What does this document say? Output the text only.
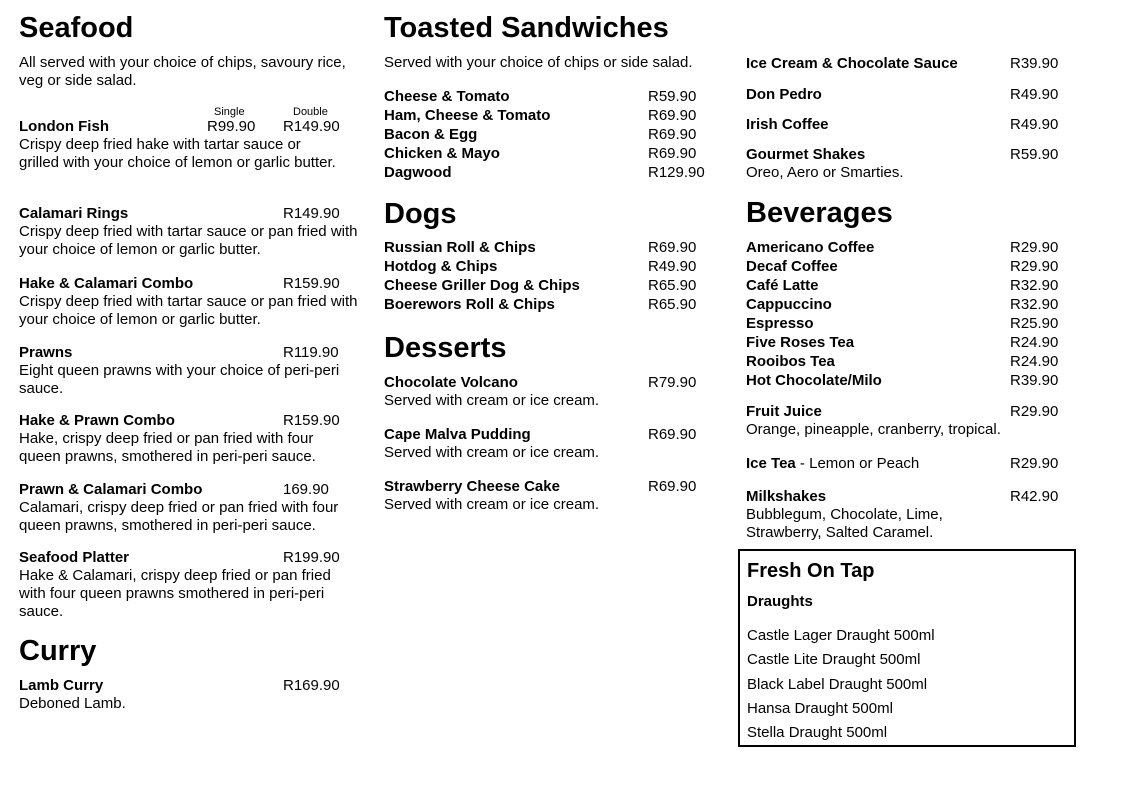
Seafood

All served with your choice of chips, savoury rice, veg or side salad.

Single	Double
London Fish	R99.90 R149.90

Crispy deep fried hake with tartar sauce or grilled with your choice of lemon or garlic butter.

Calamari Rings	R149.90

Crispy deep fried with tartar sauce or pan fried with your choice of lemon or garlic butter.

Hake & Calamari Combo	R159.90

Crispy deep fried with tartar sauce or pan fried with your choice of lemon or garlic butter.

Prawns	R119.90

Eight queen prawns with your choice of peri-peri sauce.

Hake & Prawn Combo	R159.90

Hake, crispy deep fried or pan fried with four queen prawns, smothered in peri-peri sauce.

Prawn & Calamari Combo	169.90

Calamari, crispy deep fried or pan fried with four queen prawns, smothered in peri-peri sauce.

Seafood Platter	R199.90

Hake & Calamari, crispy deep fried or pan fried with four queen prawns smothered in peri-peri sauce.

Curry
Lamb Curry	R169.90

Deboned Lamb.

Toasted Sandwiches

Served with your choice of chips or side salad.

Cheese & Tomato	R59.90
Ham, Cheese & Tomato	R69.90
Bacon & Egg	R69.90
Chicken & Mayo	R69.90
Dagwood	R129.90
Dogs
Russian Roll & Chips	R69.90
Hotdog & Chips	R49.90
Cheese Griller Dog & Chips	R65.90
Boerewors Roll & Chips	R65.90
Desserts
Chocolate Volcano	R79.90

Served with cream or ice cream.

Cape Malva Pudding	R69.90

Served with cream or ice cream.

Strawberry Cheese Cake	R69.90

Served with cream or ice cream.

Ice Cream & Chocolate Sauce	R39.90
Don Pedro	R49.90
Irish Coffee	R49.90
Gourmet Shakes	R59.90

Oreo, Aero or Smarties.

Beverages
Americano Coffee	R29.90
Decaf Coffee	R29.90
Café Latte	R32.90
Cappuccino	R32.90
Espresso	R25.90
Five Roses Tea	R24.90
Rooibos Tea	R24.90
Hot Chocolate/Milo	R39.90
Fruit Juice	R29.90

Orange, pineapple, cranberry, tropical.

Ice Tea - Lemon or Peach	R29.90
Milkshakes	R42.90

Bubblegum, Chocolate, Lime, Strawberry, Salted Caramel.

Fresh On Tap
Draughts
Castle Lager Draught 500ml
Castle Lite Draught 500ml
Black Label Draught 500ml
Hansa Draught 500ml
Stella Draught 500ml
